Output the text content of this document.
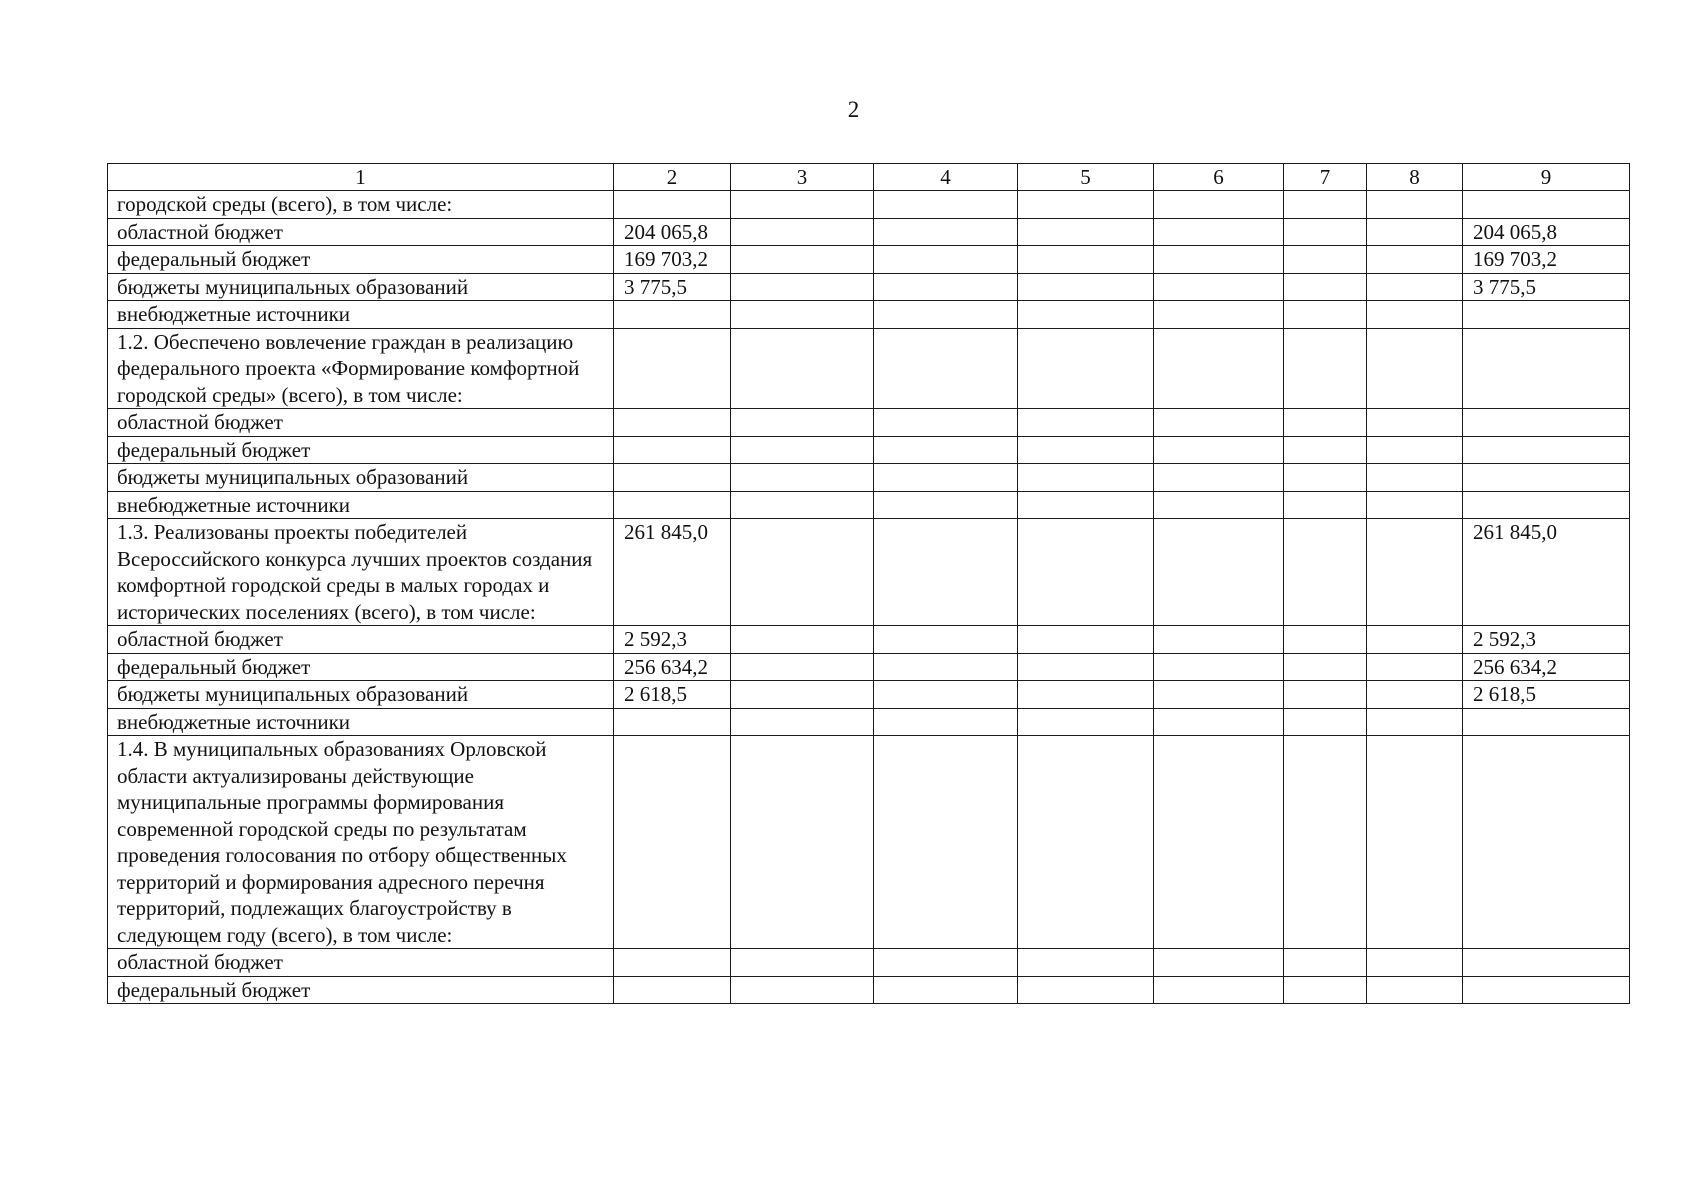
2
1	2	3	4	5	6	7	8	9
городской среды (всего), в том числе:								
областной бюджет	204 065,8							204 065,8
федеральный бюджет	169 703,2							169 703,2
бюджеты муниципальных образований	3 775,5							3 775,5
внебюджетные источники								
1.2. Обеспечено вовлечение граждан в реализацию федерального проекта «Формирование комфортной городской среды» (всего), в том числе:								
областной бюджет								
федеральный бюджет								
бюджеты муниципальных образований								
внебюджетные источники								
1.3. Реализованы проекты победителей Всероссийского конкурса лучших проектов создания комфортной городской среды в малых городах и исторических поселениях (всего), в том числе:	261 845,0							261 845,0
областной бюджет	2 592,3							2 592,3
федеральный бюджет	256 634,2							256 634,2
бюджеты муниципальных образований	2 618,5							2 618,5
внебюджетные источники								
1.4. В муниципальных образованиях Орловской области актуализированы действующие муниципальные программы формирования современной городской среды по результатам проведения голосования по отбору общественных территорий и формирования адресного перечня территорий, подлежащих благоустройству в следующем году (всего), в том числе:								
областной бюджет								
федеральный бюджет								
